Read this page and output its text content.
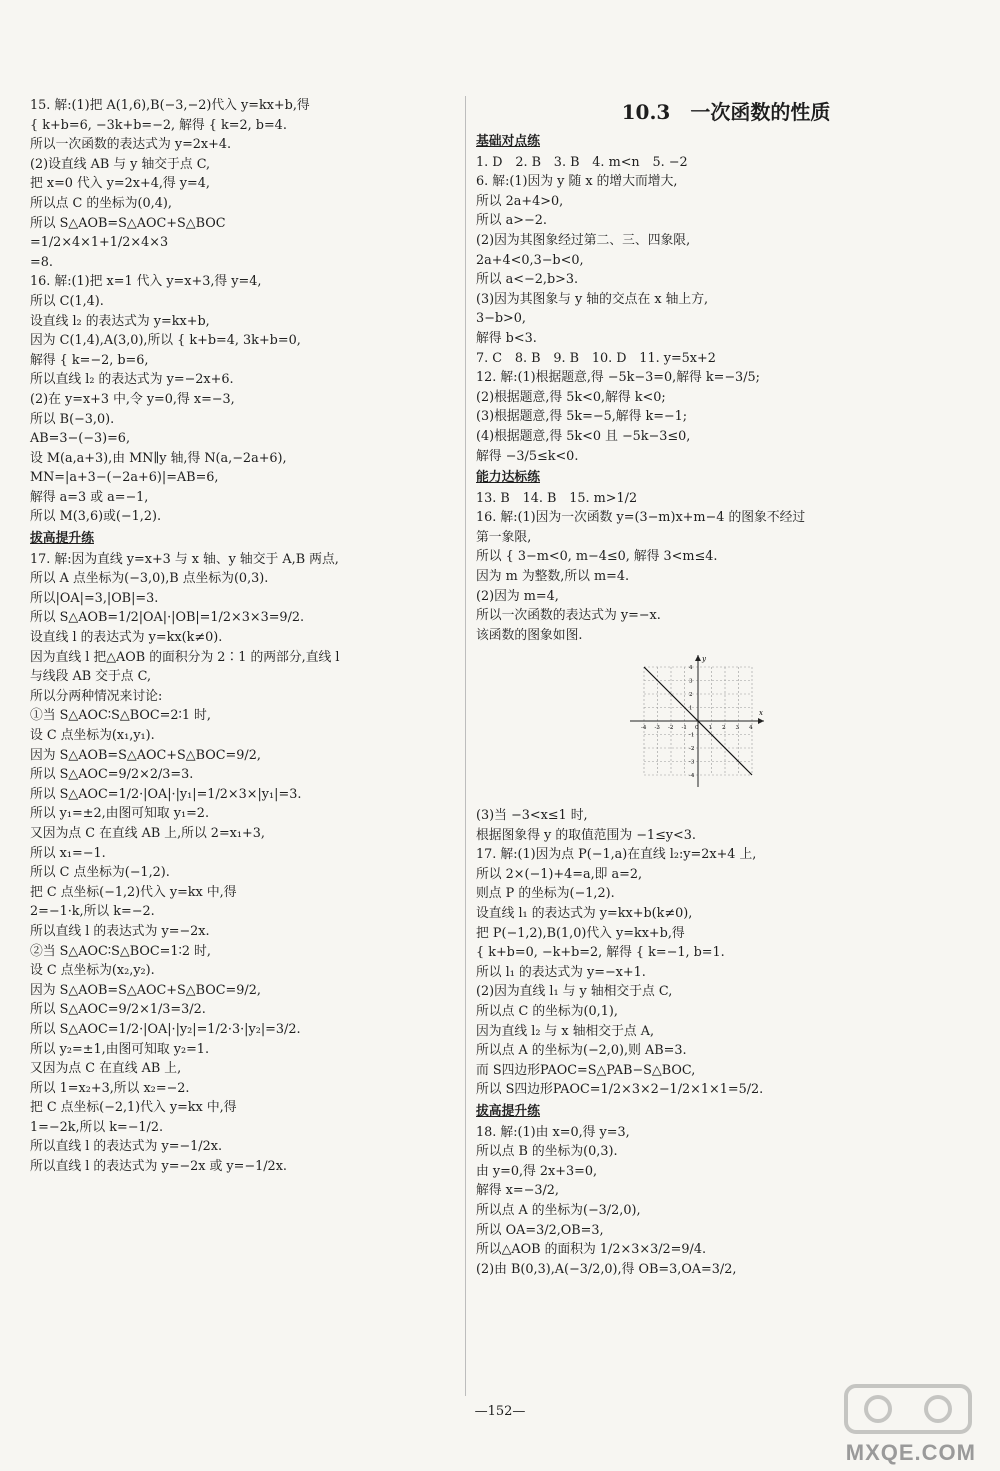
15. 解:(1)把 A(1,6),B(−3,−2)代入 y=kx+b,得
{ k+b=6, −3k+b=−2, 解得 { k=2, b=4.
所以一次函数的表达式为 y=2x+4.
(2)设直线 AB 与 y 轴交于点 C,
把 x=0 代入 y=2x+4,得 y=4,
所以点 C 的坐标为(0,4),
所以 S△AOB=S△AOC+S△BOC
=1/2×4×1+1/2×4×3
=8.
16. 解:(1)把 x=1 代入 y=x+3,得 y=4,
所以 C(1,4).
设直线 l₂ 的表达式为 y=kx+b,
因为 C(1,4),A(3,0),所以 { k+b=4, 3k+b=0,
解得 { k=−2, b=6,
所以直线 l₂ 的表达式为 y=−2x+6.
(2)在 y=x+3 中,令 y=0,得 x=−3,
所以 B(−3,0).
AB=3−(−3)=6,
设 M(a,a+3),由 MN∥y 轴,得 N(a,−2a+6),
MN=|a+3−(−2a+6)|=AB=6,
解得 a=3 或 a=−1,
所以 M(3,6)或(−1,2).
拔高提升练
17. 解:因为直线 y=x+3 与 x 轴、y 轴交于 A,B 两点,
所以 A 点坐标为(−3,0),B 点坐标为(0,3).
所以|OA|=3,|OB|=3.
所以 S△AOB=1/2|OA|·|OB|=1/2×3×3=9/2.
设直线 l 的表达式为 y=kx(k≠0).
因为直线 l 把△AOB 的面积分为 2∶1 的两部分,直线 l
与线段 AB 交于点 C,
所以分两种情况来讨论:
①当 S△AOC∶S△BOC=2∶1 时,
设 C 点坐标为(x₁,y₁).
因为 S△AOB=S△AOC+S△BOC=9/2,
所以 S△AOC=9/2×2/3=3.
所以 S△AOC=1/2·|OA|·|y₁|=1/2×3×|y₁|=3.
所以 y₁=±2,由图可知取 y₁=2.
又因为点 C 在直线 AB 上,所以 2=x₁+3,
所以 x₁=−1.
所以 C 点坐标为(−1,2).
把 C 点坐标(−1,2)代入 y=kx 中,得
2=−1·k,所以 k=−2.
所以直线 l 的表达式为 y=−2x.
②当 S△AOC∶S△BOC=1∶2 时,
设 C 点坐标为(x₂,y₂).
因为 S△AOB=S△AOC+S△BOC=9/2,
所以 S△AOC=9/2×1/3=3/2.
所以 S△AOC=1/2·|OA|·|y₂|=1/2·3·|y₂|=3/2.
所以 y₂=±1,由图可知取 y₂=1.
又因为点 C 在直线 AB 上,
所以 1=x₂+3,所以 x₂=−2.
把 C 点坐标(−2,1)代入 y=kx 中,得
1=−2k,所以 k=−1/2.
所以直线 l 的表达式为 y=−1/2x.
所以直线 l 的表达式为 y=−2x 或 y=−1/2x.
10.3　一次函数的性质
基础对点练
1. D　2. B　3. B　4. m<n　5. −2
6. 解:(1)因为 y 随 x 的增大而增大,
所以 2a+4>0,
所以 a>−2.
(2)因为其图象经过第二、三、四象限,
2a+4<0,3−b<0,
所以 a<−2,b>3.
(3)因为其图象与 y 轴的交点在 x 轴上方,
3−b>0,
解得 b<3.
7. C　8. B　9. B　10. D　11. y=5x+2
12. 解:(1)根据题意,得 −5k−3=0,解得 k=−3/5;
(2)根据题意,得 5k<0,解得 k<0;
(3)根据题意,得 5k=−5,解得 k=−1;
(4)根据题意,得 5k<0 且 −5k−3≤0,
解得 −3/5≤k<0.
能力达标练
13. B　14. B　15. m>1/2
16. 解:(1)因为一次函数 y=(3−m)x+m−4 的图象不经过
第一象限,
所以 { 3−m<0, m−4≤0, 解得 3<m≤4.
因为 m 为整数,所以 m=4.
(2)因为 m=4,
所以一次函数的表达式为 y=−x.
该函数的图象如图.
x
y
-4 -3 -2 -1 0 1 2 3 4
4
3
2
1
-1
-2
-3
-4
(3)当 −3<x≤1 时,
根据图象得 y 的取值范围为 −1≤y<3.
17. 解:(1)因为点 P(−1,a)在直线 l₂:y=2x+4 上,
所以 2×(−1)+4=a,即 a=2,
则点 P 的坐标为(−1,2).
设直线 l₁ 的表达式为 y=kx+b(k≠0),
把 P(−1,2),B(1,0)代入 y=kx+b,得
{ k+b=0, −k+b=2, 解得 { k=−1, b=1.
所以 l₁ 的表达式为 y=−x+1.
(2)因为直线 l₁ 与 y 轴相交于点 C,
所以点 C 的坐标为(0,1),
因为直线 l₂ 与 x 轴相交于点 A,
所以点 A 的坐标为(−2,0),则 AB=3.
而 S四边形PAOC=S△PAB−S△BOC,
所以 S四边形PAOC=1/2×3×2−1/2×1×1=5/2.
拔高提升练
18. 解:(1)由 x=0,得 y=3,
所以点 B 的坐标为(0,3).
由 y=0,得 2x+3=0,
解得 x=−3/2,
所以点 A 的坐标为(−3/2,0),
所以 OA=3/2,OB=3,
所以△AOB 的面积为 1/2×3×3/2=9/4.
(2)由 B(0,3),A(−3/2,0),得 OB=3,OA=3/2,
—152—
MXQE.COM
